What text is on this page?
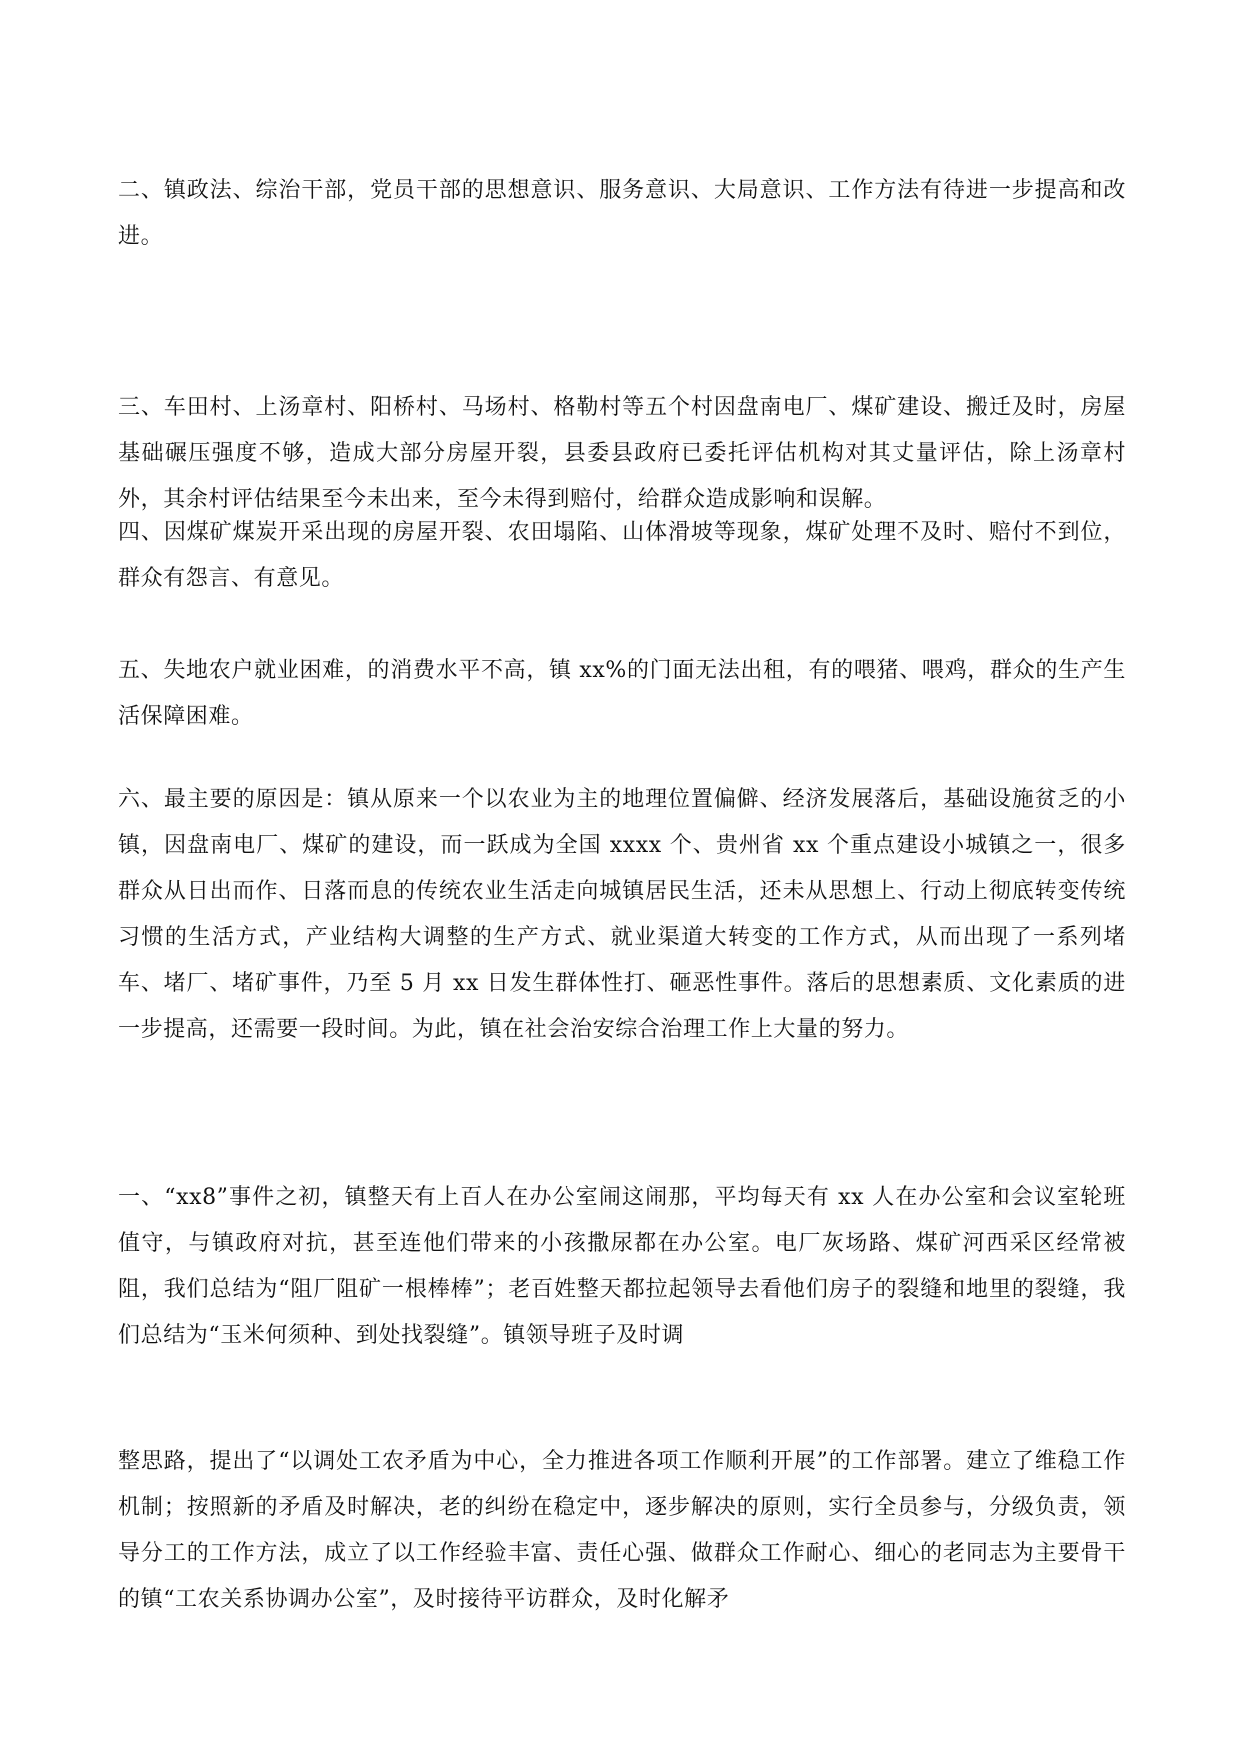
二、镇政法、综治干部，党员干部的思想意识、服务意识、大局意识、工作方法有待进一步提高和改进。

三、车田村、上汤章村、阳桥村、马场村、格勒村等五个村因盘南电厂、煤矿建设、搬迁及时，房屋基础碾压强度不够，造成大部分房屋开裂，县委县政府已委托评估机构对其丈量评估，除上汤章村外，其余村评估结果至今未出来，至今未得到赔付，给群众造成影响和误解。

四、因煤矿煤炭开采出现的房屋开裂、农田塌陷、山体滑坡等现象，煤矿处理不及时、赔付不到位，群众有怨言、有意见。

五、失地农户就业困难，的消费水平不高，镇 xx%的门面无法出租，有的喂猪、喂鸡，群众的生产生活保障困难。

六、最主要的原因是：镇从原来一个以农业为主的地理位置偏僻、经济发展落后，基础设施贫乏的小镇，因盘南电厂、煤矿的建设，而一跃成为全国 xxxx 个、贵州省 xx 个重点建设小城镇之一，很多群众从日出而作、日落而息的传统农业生活走向城镇居民生活，还未从思想上、行动上彻底转变传统习惯的生活方式，产业结构大调整的生产方式、就业渠道大转变的工作方式，从而出现了一系列堵车、堵厂、堵矿事件，乃至 5 月 xx 日发生群体性打、砸恶性事件。落后的思想素质、文化素质的进一步提高，还需要一段时间。为此，镇在社会治安综合治理工作上大量的努力。

一、“xx8”事件之初，镇整天有上百人在办公室闹这闹那，平均每天有 xx 人在办公室和会议室轮班值守，与镇政府对抗，甚至连他们带来的小孩撒尿都在办公室。电厂灰场路、煤矿河西采区经常被阻，我们总结为“阻厂阻矿一根棒棒”；老百姓整天都拉起领导去看他们房子的裂缝和地里的裂缝，我们总结为“玉米何须种、到处找裂缝”。镇领导班子及时调

整思路，提出了“以调处工农矛盾为中心，全力推进各项工作顺利开展”的工作部署。建立了维稳工作机制；按照新的矛盾及时解决，老的纠纷在稳定中，逐步解决的原则，实行全员参与，分级负责，领导分工的工作方法，成立了以工作经验丰富、责任心强、做群众工作耐心、细心的老同志为主要骨干的镇“工农关系协调办公室”，及时接待平访群众，及时化解矛
